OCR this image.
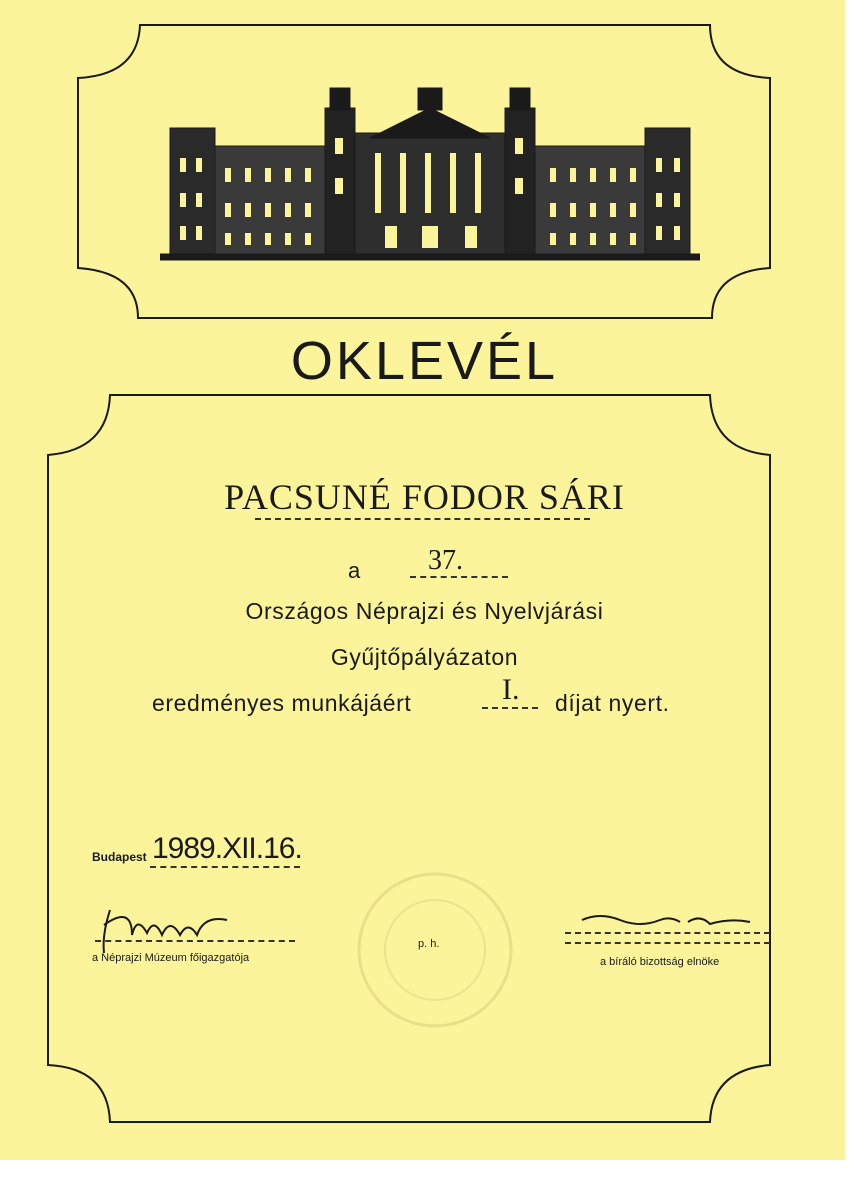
OKLEVÉL
PACSUNÉ FODOR SÁRI
a 37.
Országos Néprajzi és Nyelvjárási
Gyűjtőpályázaton
eredményes munkájáért	I. díjat nyert.
Budapest 1989.XII.16.
a Néprajzi Múzeum főigazgatója
p. h.
a bíráló bizottság elnöke
